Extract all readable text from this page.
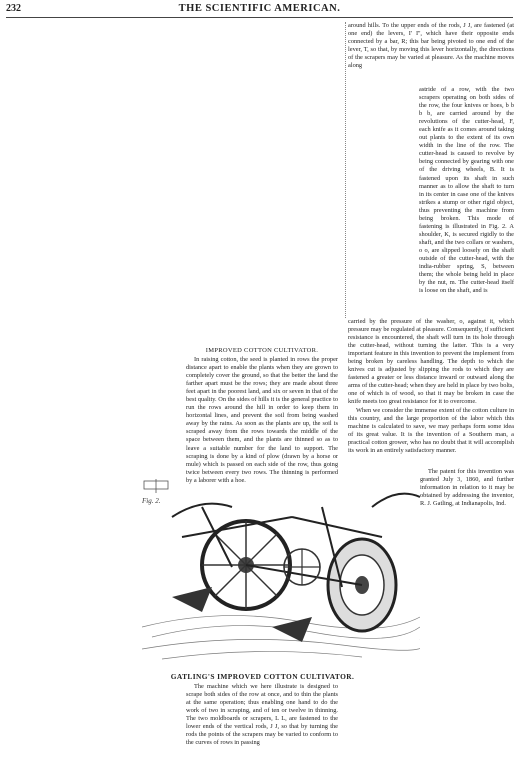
232	THE SCIENTIFIC AMERICAN.

around hills. To the upper ends of the rods, J J, are fastened (at one end) the levers, I' I'', which have their opposite ends connected by a bar, R; this bar being pivoted to one end of the lever, T, so that, by moving this lever horizontally, the directions of the scrapers may be varied at pleasure. As the machine moves along

astride of a row, with the two scrapers operating on both sides of the row, the four knives or hoes, b b b b, are carried around by the revolutions of the cutter-head, F, each knife as it comes around taking out plants to the extent of its own width in the line of the row. The cutter-head is caused to revolve by being connected by gearing with one of the driving wheels, B. It is fastened upon its shaft in such manner as to allow the shaft to turn in its center in case one of the knives strikes a stump or other rigid object, thus preventing the machine from being broken. This mode of fastening is illustrated in Fig. 2. A shoulder, K, is secured rigidly to the shaft, and the two collars or washers, o o, are slipped loosely on the shaft outside of the cutter-head, with the india-rubber spring, S, between them; the whole being held in place by the nut, m. The cutter-head itself is loose on the shaft, and is

carried by the pressure of the washer, o, against it, which pressure may be regulated at pleasure. Consequently, if sufficient resistance is encountered, the shaft will turn in its hole through the cutter-head, without turning the latter. This is a very important feature in this invention to prevent the implement from being broken by careless handling. The depth to which the knives cut is adjusted by slipping the rods to which they are fastened a greater or less distance inward or outward along the arms of the cutter-head; when they are held in place by two bolts, one of which is of wood, so that it may be broken in case the knife meets too great resistance for it to overcome.
When we consider the immense extent of the cotton culture in this country, and the large proportion of the labor which this machine is calculated to save, we may perhaps form some idea of its great value. It is the invention of a Southern man, a practical cotton grower, who has no doubt that it will accomplish its work in an entirely satisfactory manner.

The patent for this invention was granted July 3, 1860, and further information in relation to it may be obtained by addressing the inventor, R. J. Gatling, at Indianapolis, Ind.

IMPROVED COTTON CULTIVATOR.

In raising cotton, the seed is planted in rows the proper distance apart to enable the plants when they are grown to completely cover the ground, so that the better the land the farther apart must be the rows; they are made about three feet apart in the poorest land, and six or seven in that of the best quality. On the sides of hills it is the general practice to run the rows around the hill in order to keep them in horizontal lines, and prevent the soil from being washed away by the rains. As soon as the plants are up, the soil is scraped away from the rows towards the middle of the space between them, and the plants are thinned so as to leave a suitable number for the land to support. The scraping is done by a kind of plow (drawn by a horse or mule) which is passed on each side of the row, thus going twice between every two rows. The thinning is performed by a laborer with a hoe.

Fig. 2.
GATLING'S IMPROVED COTTON CULTIVATOR.

The machine which we here illustrate is designed to scrape both sides of the row at once, and to thin the plants at the same operation; thus enabling one hand to do the work of two in scraping, and of ten or twelve in thinning. The two moldboards or scrapers, L L, are fastened to the lower ends of the vertical rods, J J, so that by turning the rods the points of the scrapers may be varied to conform to the curves of rows in passing
